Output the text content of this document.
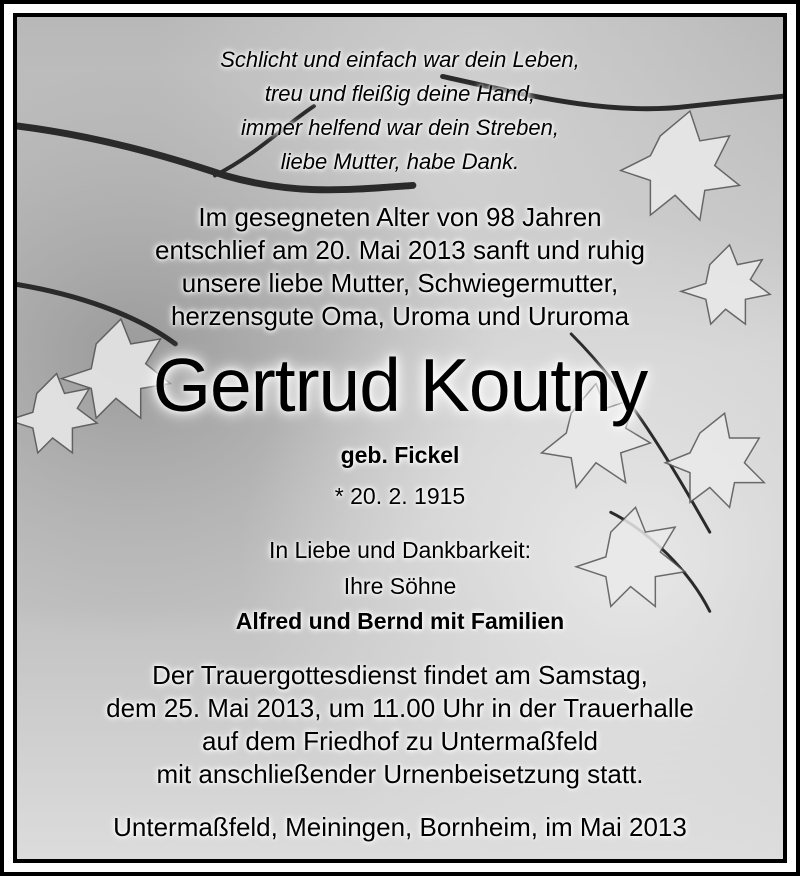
Schlicht und einfach war dein Leben,
treu und fleißig deine Hand,
immer helfend war dein Streben,
liebe Mutter, habe Dank.
Im gesegneten Alter von 98 Jahren
entschlief am 20. Mai 2013 sanft und ruhig
unsere liebe Mutter, Schwiegermutter,
herzensgute Oma, Uroma und Ururoma
Gertrud Koutny
geb. Fickel
* 20. 2. 1915
In Liebe und Dankbarkeit:
Ihre Söhne
Alfred und Bernd mit Familien
Der Trauergottesdienst findet am Samstag,
dem 25. Mai 2013, um 11.00 Uhr in der Trauerhalle
auf dem Friedhof zu Untermaßfeld
mit anschließender Urnenbeisetzung statt.
Untermaßfeld, Meiningen, Bornheim, im Mai 2013
